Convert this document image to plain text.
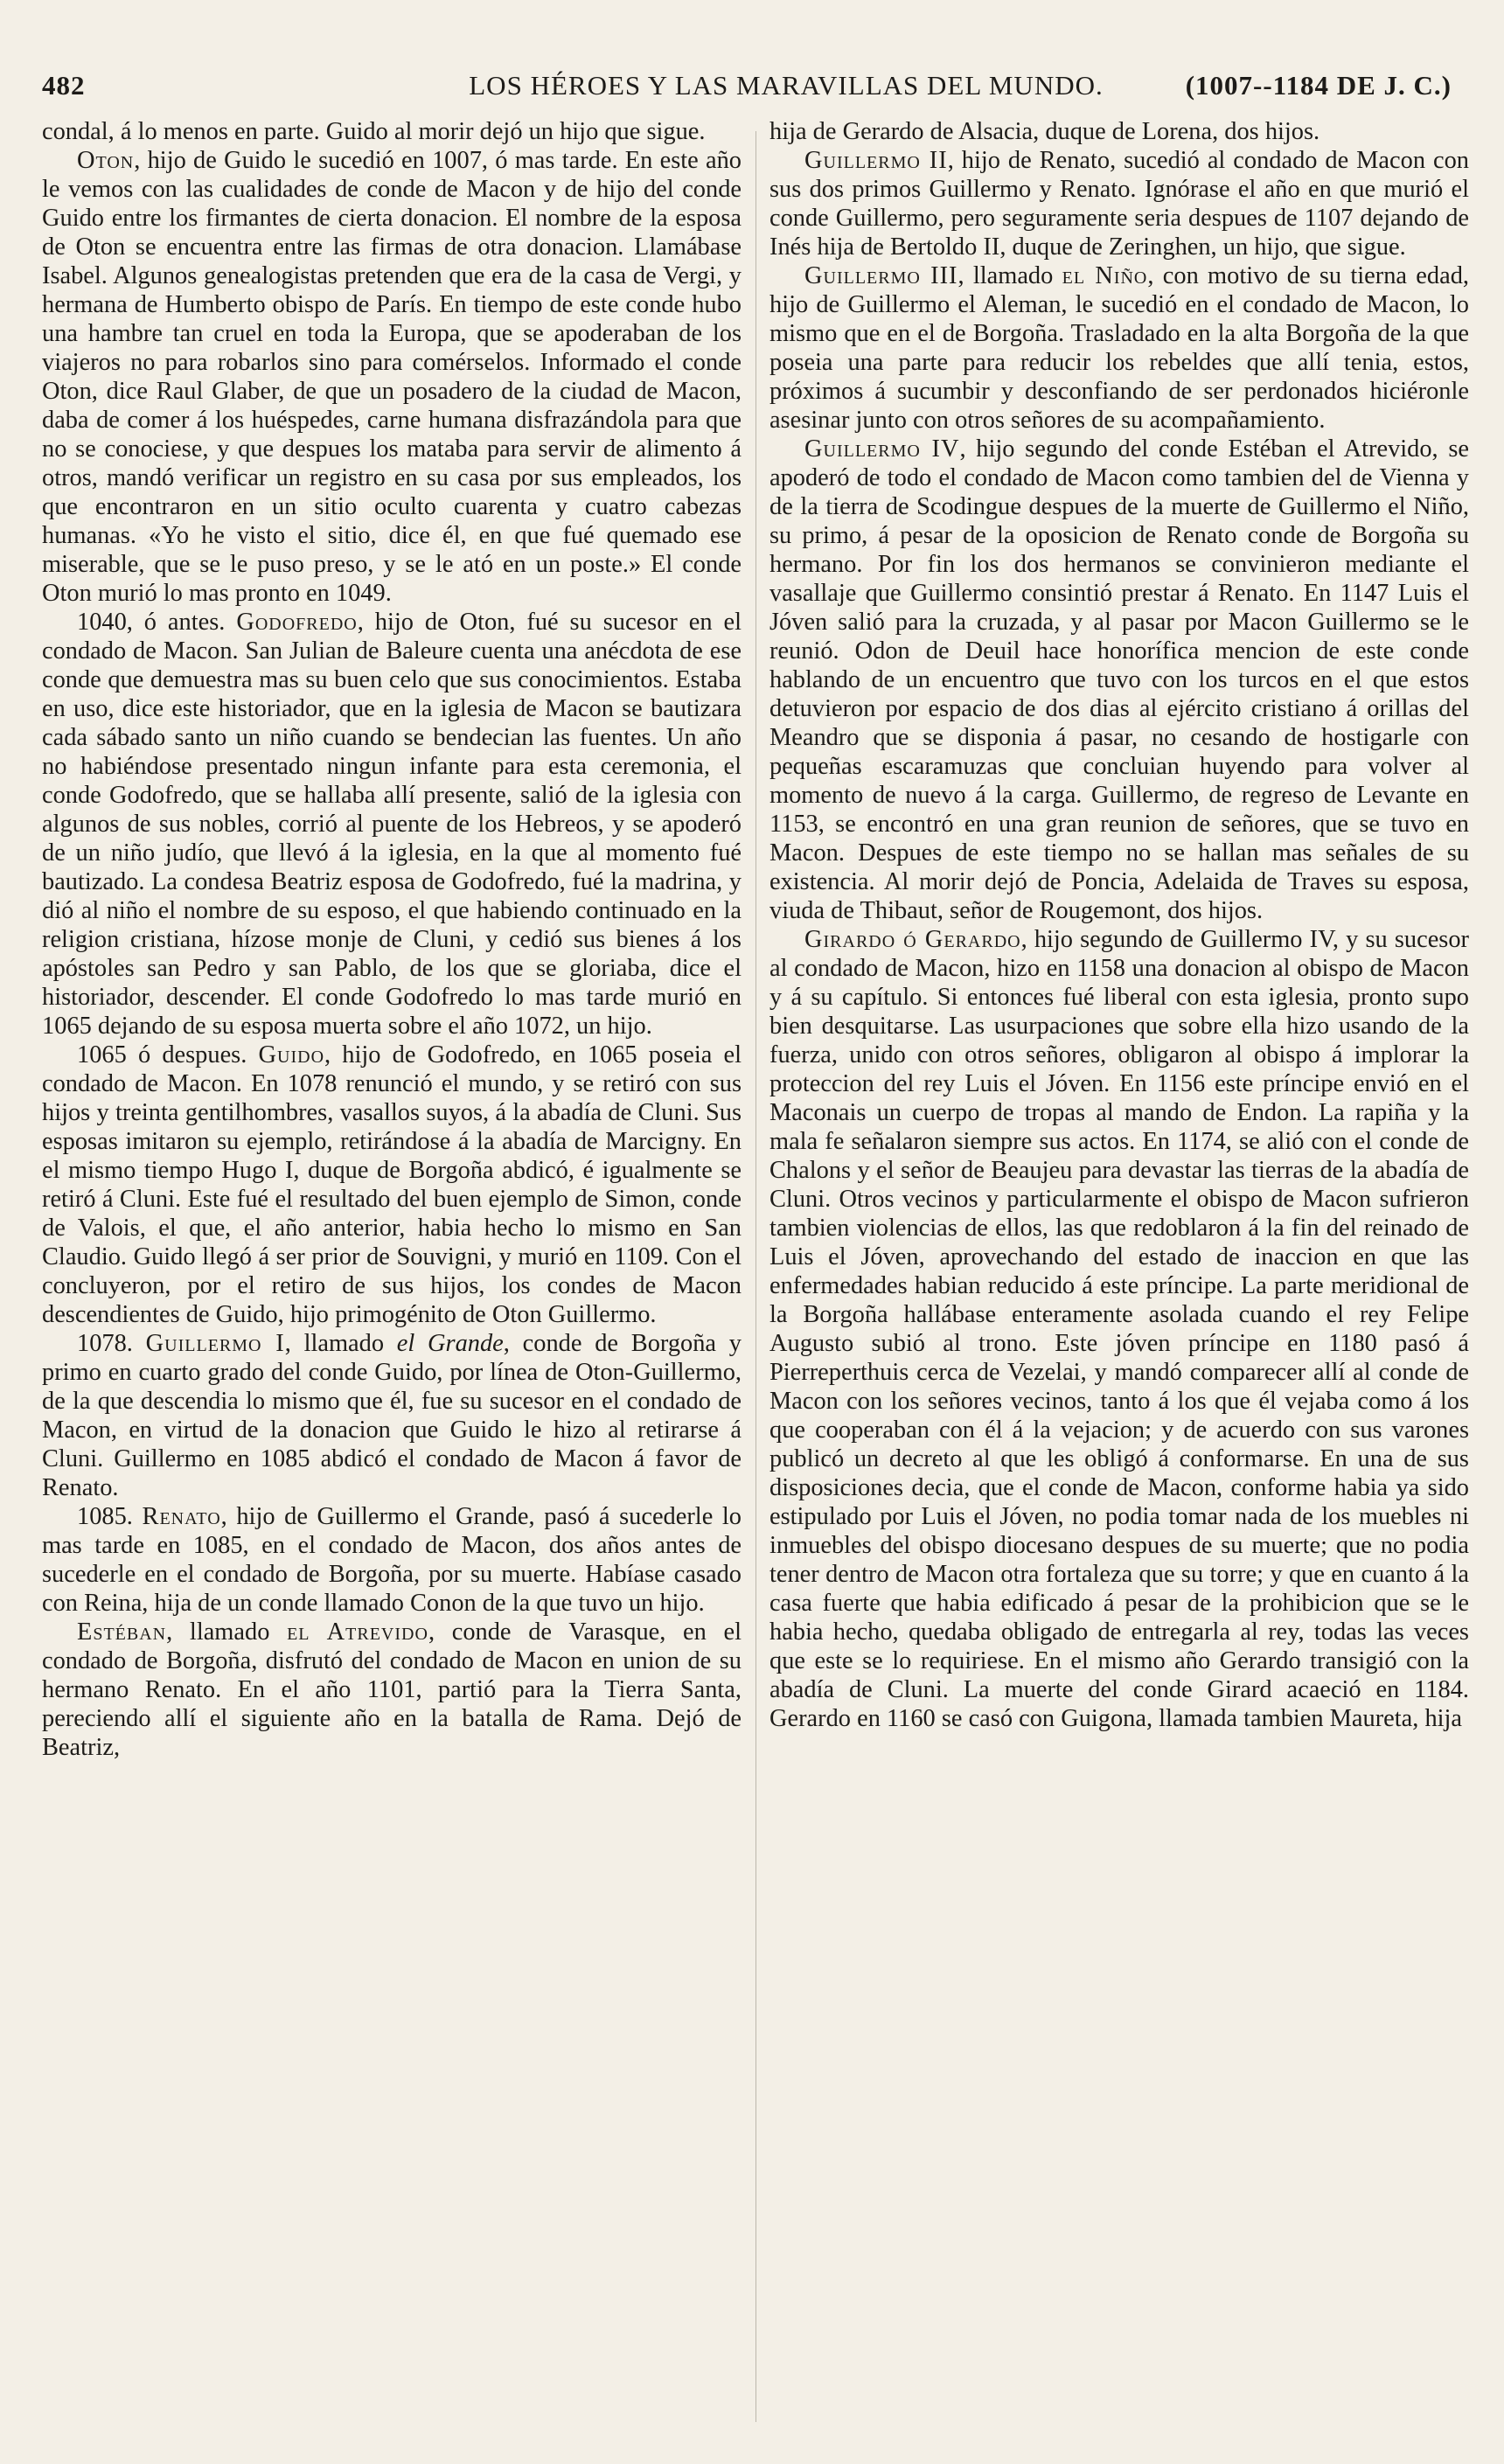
482	LOS HÉROES Y LAS MARAVILLAS DEL MUNDO.	(1007--1184 DE J. C.)

condal, á lo menos en parte. Guido al morir dejó un hijo que sigue.

Oton, hijo de Guido le sucedió en 1007, ó mas tarde. En este año le vemos con las cualidades de conde de Macon y de hijo del conde Guido entre los firmantes de cierta donacion. El nombre de la esposa de Oton se encuentra entre las firmas de otra donacion. Llamábase Isabel. Algunos genealogistas pretenden que era de la casa de Vergi, y hermana de Humberto obispo de París. En tiempo de este conde hubo una hambre tan cruel en toda la Europa, que se apoderaban de los viajeros no para robarlos sino para comérselos. Informado el conde Oton, dice Raul Glaber, de que un posadero de la ciudad de Macon, daba de comer á los huéspedes, carne humana disfrazándola para que no se conociese, y que despues los mataba para servir de alimento á otros, mandó verificar un registro en su casa por sus empleados, los que encontraron en un sitio oculto cuarenta y cuatro cabezas humanas. «Yo he visto el sitio, dice él, en que fué quemado ese miserable, que se le puso preso, y se le ató en un poste.» El conde Oton murió lo mas pronto en 1049.

1040, ó antes. Godofredo, hijo de Oton, fué su sucesor en el condado de Macon. San Julian de Baleure cuenta una anécdota de ese conde que demuestra mas su buen celo que sus conocimientos. Estaba en uso, dice este historiador, que en la iglesia de Macon se bautizara cada sábado santo un niño cuando se bendecian las fuentes. Un año no habiéndose presentado ningun infante para esta ceremonia, el conde Godofredo, que se hallaba allí presente, salió de la iglesia con algunos de sus nobles, corrió al puente de los Hebreos, y se apoderó de un niño judío, que llevó á la iglesia, en la que al momento fué bautizado. La condesa Beatriz esposa de Godofredo, fué la madrina, y dió al niño el nombre de su esposo, el que habiendo continuado en la religion cristiana, hízose monje de Cluni, y cedió sus bienes á los apóstoles san Pedro y san Pablo, de los que se gloriaba, dice el historiador, descender. El conde Godofredo lo mas tarde murió en 1065 dejando de su esposa muerta sobre el año 1072, un hijo.

1065 ó despues. Guido, hijo de Godofredo, en 1065 poseia el condado de Macon. En 1078 renunció el mundo, y se retiró con sus hijos y treinta gentilhombres, vasallos suyos, á la abadía de Cluni. Sus esposas imitaron su ejemplo, retirándose á la abadía de Marcigny. En el mismo tiempo Hugo I, duque de Borgoña abdicó, é igualmente se retiró á Cluni. Este fué el resultado del buen ejemplo de Simon, conde de Valois, el que, el año anterior, habia hecho lo mismo en San Claudio. Guido llegó á ser prior de Souvigni, y murió en 1109. Con el concluyeron, por el retiro de sus hijos, los condes de Macon descendientes de Guido, hijo primogénito de Oton Guillermo.

1078. Guillermo I, llamado el Grande, conde de Borgoña y primo en cuarto grado del conde Guido, por línea de Oton-Guillermo, de la que descendia lo mismo que él, fue su sucesor en el condado de Macon, en virtud de la donacion que Guido le hizo al retirarse á Cluni. Guillermo en 1085 abdicó el condado de Macon á favor de Renato.

1085. Renato, hijo de Guillermo el Grande, pasó á sucederle lo mas tarde en 1085, en el condado de Macon, dos años antes de sucederle en el condado de Borgoña, por su muerte. Habíase casado con Reina, hija de un conde llamado Conon de la que tuvo un hijo.

Estéban, llamado el Atrevido, conde de Varasque, en el condado de Borgoña, disfrutó del condado de Macon en union de su hermano Renato. En el año 1101, partió para la Tierra Santa, pereciendo allí el siguiente año en la batalla de Rama. Dejó de Beatriz,

hija de Gerardo de Alsacia, duque de Lorena, dos hijos.

Guillermo II, hijo de Renato, sucedió al condado de Macon con sus dos primos Guillermo y Renato. Ignórase el año en que murió el conde Guillermo, pero seguramente seria despues de 1107 dejando de Inés hija de Bertoldo II, duque de Zeringhen, un hijo, que sigue.

Guillermo III, llamado el Niño, con motivo de su tierna edad, hijo de Guillermo el Aleman, le sucedió en el condado de Macon, lo mismo que en el de Borgoña. Trasladado en la alta Borgoña de la que poseia una parte para reducir los rebeldes que allí tenia, estos, próximos á sucumbir y desconfiando de ser perdonados hiciéronle asesinar junto con otros señores de su acompañamiento.

Guillermo IV, hijo segundo del conde Estéban el Atrevido, se apoderó de todo el condado de Macon como tambien del de Vienna y de la tierra de Scodingue despues de la muerte de Guillermo el Niño, su primo, á pesar de la oposicion de Renato conde de Borgoña su hermano. Por fin los dos hermanos se convinieron mediante el vasallaje que Guillermo consintió prestar á Renato. En 1147 Luis el Jóven salió para la cruzada, y al pasar por Macon Guillermo se le reunió. Odon de Deuil hace honorífica mencion de este conde hablando de un encuentro que tuvo con los turcos en el que estos detuvieron por espacio de dos dias al ejército cristiano á orillas del Meandro que se disponia á pasar, no cesando de hostigarle con pequeñas escaramuzas que concluian huyendo para volver al momento de nuevo á la carga. Guillermo, de regreso de Levante en 1153, se encontró en una gran reunion de señores, que se tuvo en Macon. Despues de este tiempo no se hallan mas señales de su existencia. Al morir dejó de Poncia, Adelaida de Traves su esposa, viuda de Thibaut, señor de Rougemont, dos hijos.

Girardo ó Gerardo, hijo segundo de Guillermo IV, y su sucesor al condado de Macon, hizo en 1158 una donacion al obispo de Macon y á su capítulo. Si entonces fué liberal con esta iglesia, pronto supo bien desquitarse. Las usurpaciones que sobre ella hizo usando de la fuerza, unido con otros señores, obligaron al obispo á implorar la proteccion del rey Luis el Jóven. En 1156 este príncipe envió en el Maconais un cuerpo de tropas al mando de Endon. La rapiña y la mala fe señalaron siempre sus actos. En 1174, se alió con el conde de Chalons y el señor de Beaujeu para devastar las tierras de la abadía de Cluni. Otros vecinos y particularmente el obispo de Macon sufrieron tambien violencias de ellos, las que redoblaron á la fin del reinado de Luis el Jóven, aprovechando del estado de inaccion en que las enfermedades habian reducido á este príncipe. La parte meridional de la Borgoña hallábase enteramente asolada cuando el rey Felipe Augusto subió al trono. Este jóven príncipe en 1180 pasó á Pierreperthuis cerca de Vezelai, y mandó comparecer allí al conde de Macon con los señores vecinos, tanto á los que él vejaba como á los que cooperaban con él á la vejacion; y de acuerdo con sus varones publicó un decreto al que les obligó á conformarse. En una de sus disposiciones decia, que el conde de Macon, conforme habia ya sido estipulado por Luis el Jóven, no podia tomar nada de los muebles ni inmuebles del obispo diocesano despues de su muerte; que no podia tener dentro de Macon otra fortaleza que su torre; y que en cuanto á la casa fuerte que habia edificado á pesar de la prohibicion que se le habia hecho, quedaba obligado de entregarla al rey, todas las veces que este se lo requiriese. En el mismo año Gerardo transigió con la abadía de Cluni. La muerte del conde Girard acaeció en 1184. Gerardo en 1160 se casó con Guigona, llamada tambien Maureta, hija
